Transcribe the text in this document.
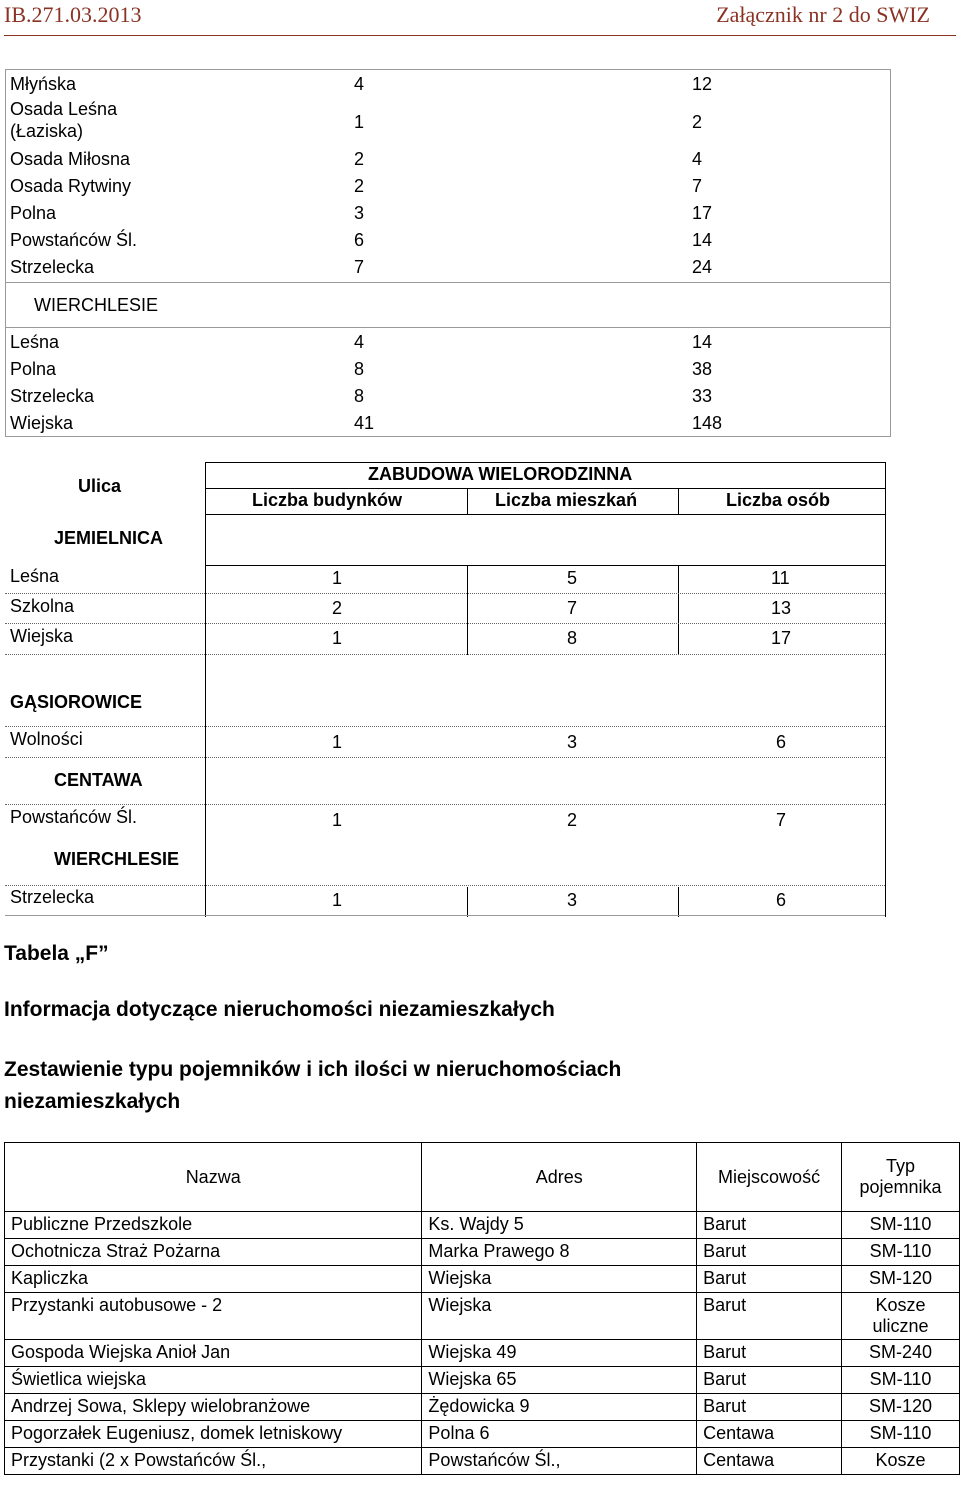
IB.271.03.2013	Załącznik nr 2 do SWIZ
Młyńska	4	12
Osada Leśna (Łaziska)	1	2
Osada Miłosna	2	4
Osada Rytwiny	2	7
Polna	3	17
Powstańców Śl.	6	14
Strzelecka	7	24
WIERCHLESIE
Leśna	4	14
Polna	8	38
Strzelecka	8	33
Wiejska	41	148
Ulica
ZABUDOWA WIELORODZINNA
Liczba budynków	Liczba mieszkań	Liczba osób
JEMIELNICA
Leśna	1	5	11
Szkolna	2	7	13
Wiejska	1	8	17
GĄSIOROWICE
Wolności	1	3	6
CENTAWA
Powstańców Śl.	1	2	7
WIERCHLESIE
Strzelecka	1	3	6
Tabela „F”
Informacja dotyczące nieruchomości niezamieszkałych
Zestawienie typu pojemników i ich ilości w nieruchomościach niezamieszkałych
Nazwa	Adres	Miejscowość	Typ pojemnika
Publiczne Przedszkole	Ks. Wajdy 5	Barut	SM-110
Ochotnicza Straż Pożarna	Marka Prawego 8	Barut	SM-110
Kapliczka	Wiejska	Barut	SM-120
Przystanki autobusowe - 2	Wiejska	Barut	Kosze uliczne
Gospoda Wiejska Anioł Jan	Wiejska 49	Barut	SM-240
Świetlica wiejska	Wiejska 65	Barut	SM-110
Andrzej Sowa, Sklepy wielobranżowe	Żędowicka 9	Barut	SM-120
Pogorzałek Eugeniusz, domek letniskowy	Polna 6	Centawa	SM-110
Przystanki (2 x Powstańców Śl.,	Powstańców Śl.,	Centawa	Kosze
